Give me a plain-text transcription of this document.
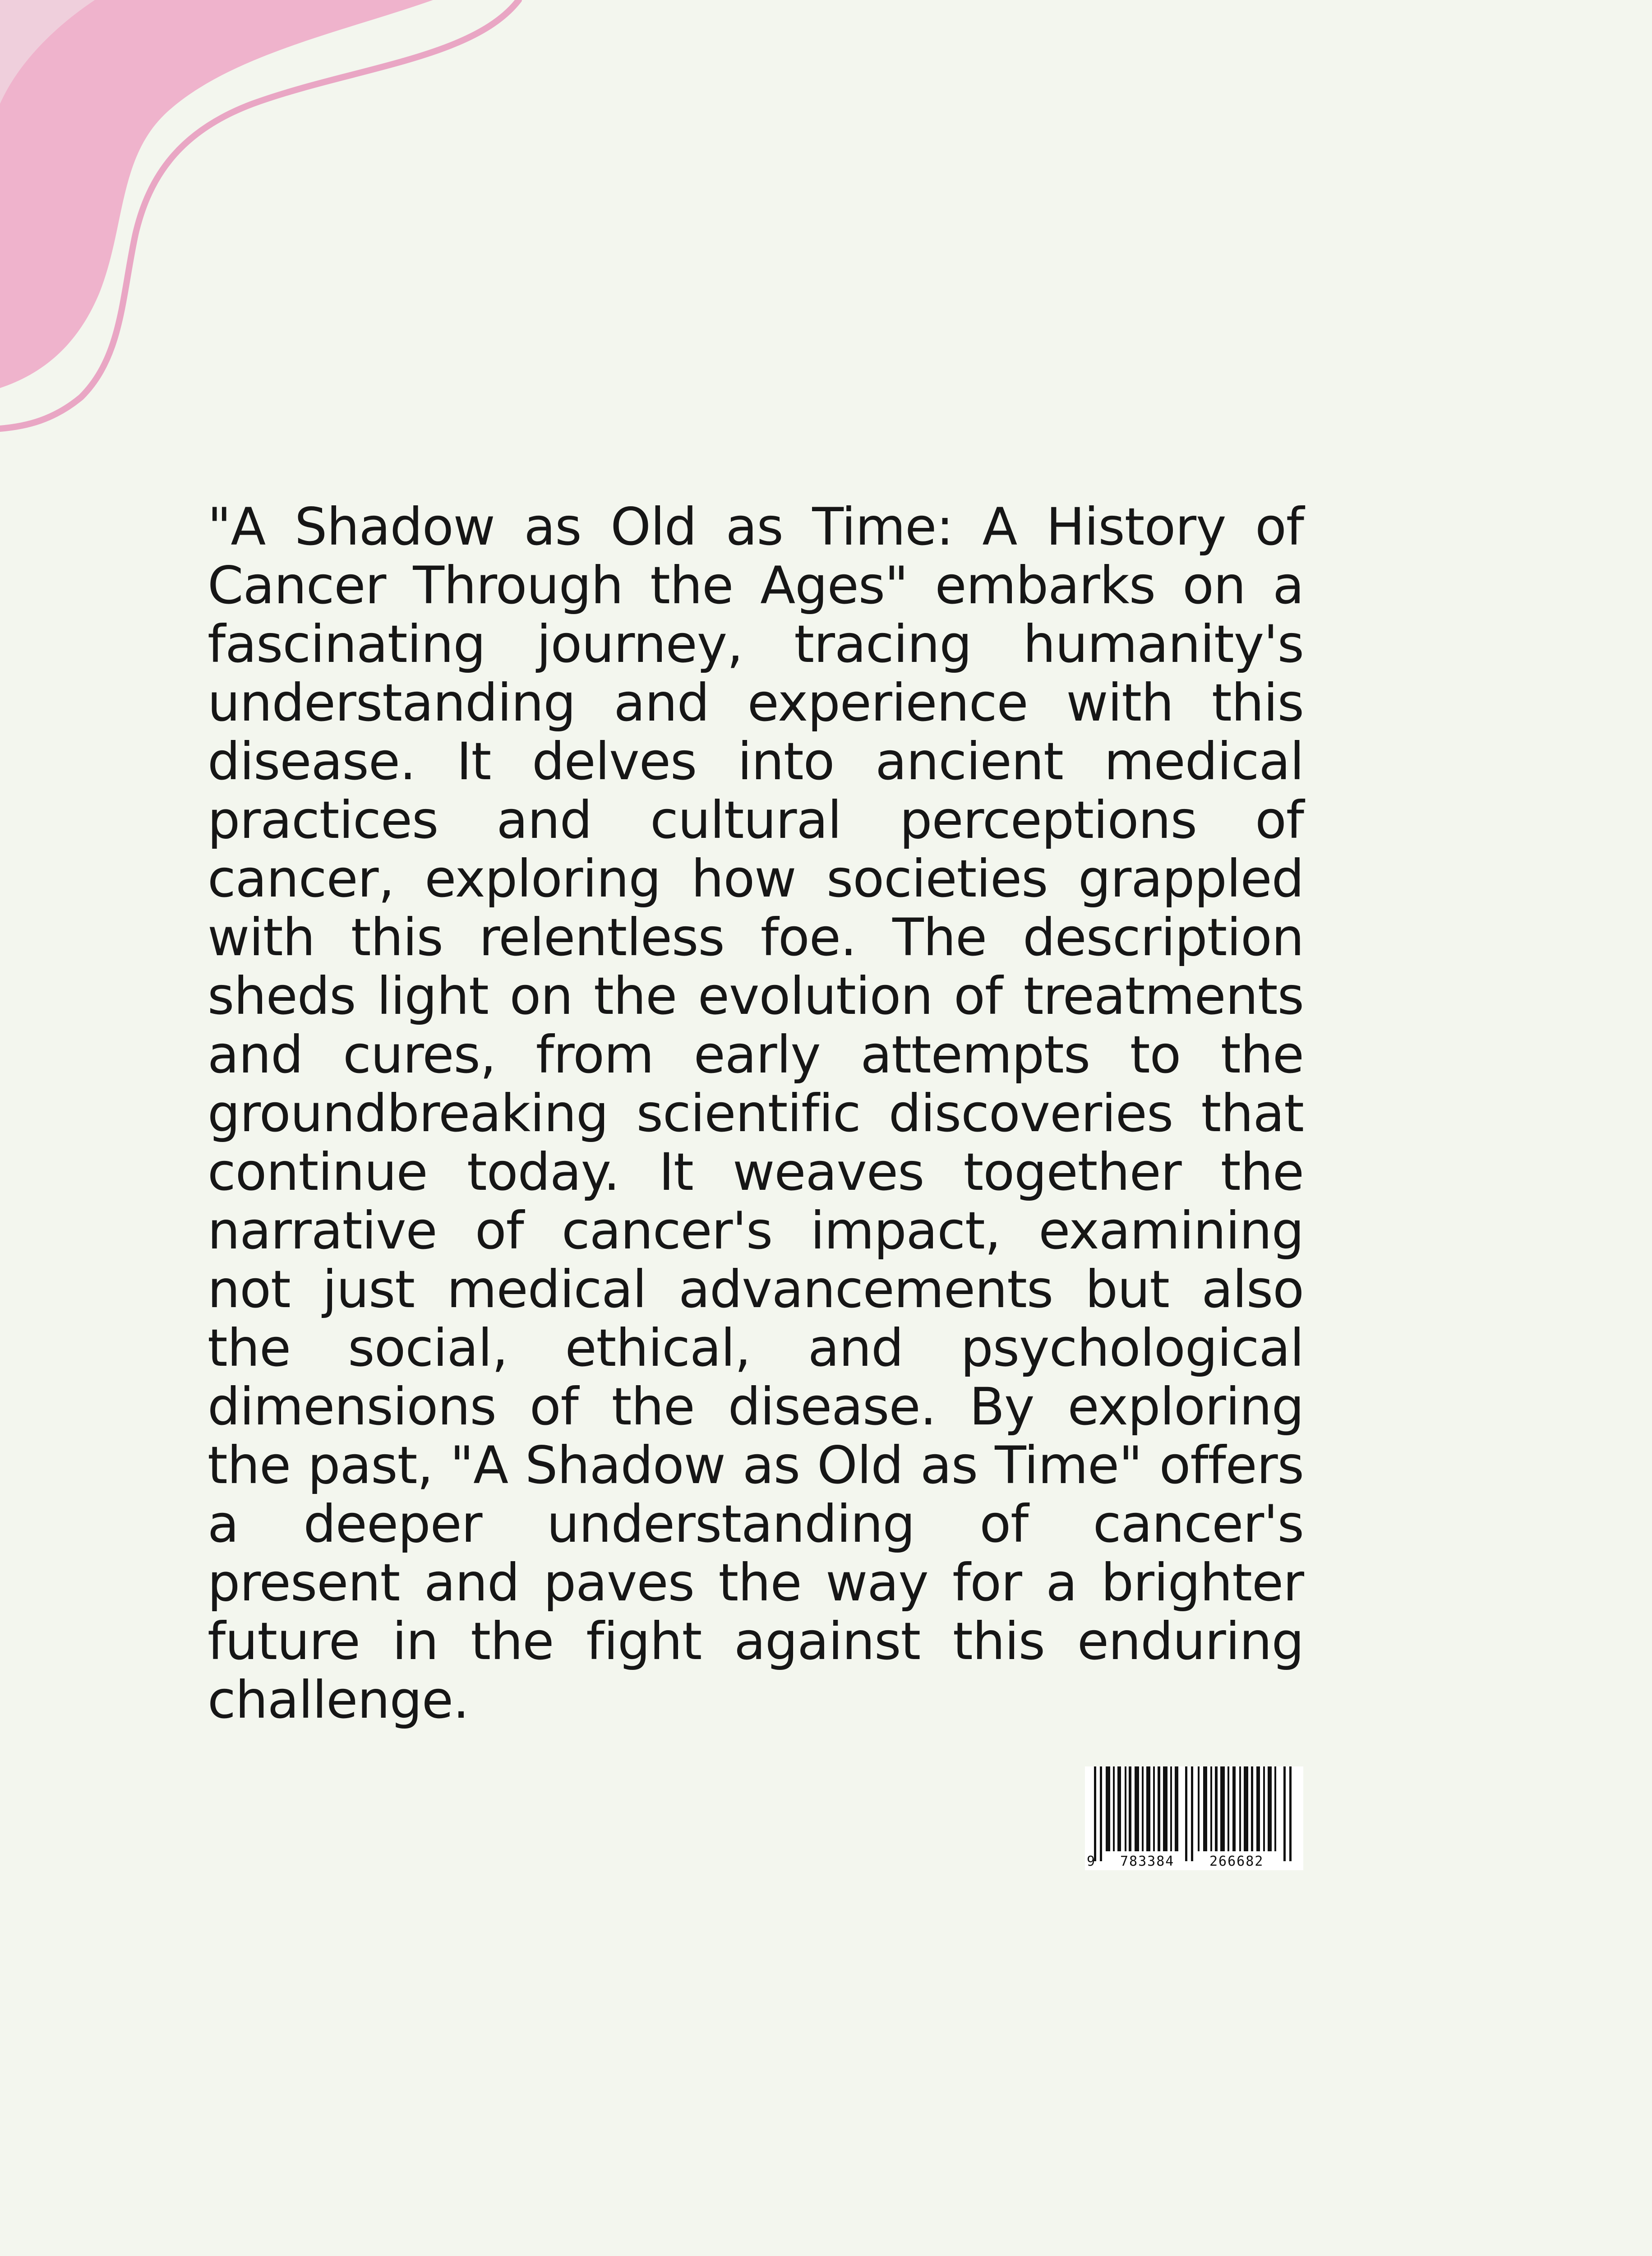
"A Shadow as Old as Time: A History of Cancer Through the Ages" embarks on a fascinating journey, tracing humanity's understanding and experience with this disease. It delves into ancient medical practices and cultural perceptions of cancer, exploring how societies grappled with this relentless foe. The description sheds light on the evolution of treatments and cures, from early attempts to the groundbreaking scientific discoveries that continue today. It weaves together the narrative of cancer's impact, examining not just medical advancements but also the social, ethical, and psychological dimensions of the disease. By exploring the past, "A Shadow as Old as Time" offers a deeper understanding of cancer's present and paves the way for a brighter future in the fight against this enduring challenge.

9 783384	266682
